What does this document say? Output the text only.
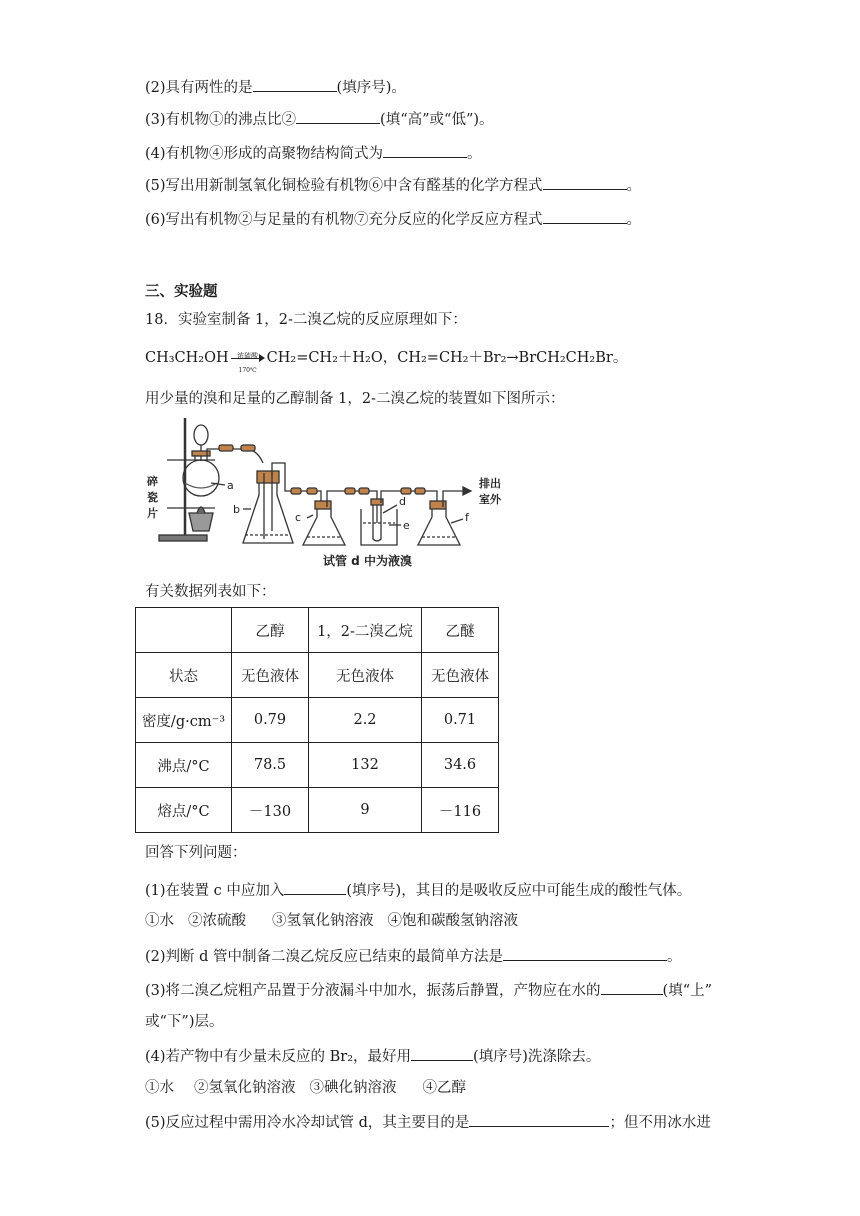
(2)具有两性的是	(填序号)。
(3)有机物①的沸点比②	(填“高”或“低”)。
(4)有机物④形成的高聚物结构简式为	。
(5)写出用新制氢氧化铜检验有机物⑥中含有醛基的化学方程式	。
(6)写出有机物②与足量的有机物⑦充分反应的化学反应方程式	。
三、实验题
18．实验室制备 1，2-二溴乙烷的反应原理如下：
CH₃CH₂OH	浓硫酸
170℃
CH₂=CH₂＋H₂O，CH₂=CH₂＋Br₂→BrCH₂CH₂Br。
用少量的溴和足量的乙醇制备 1，2-二溴乙烷的装置如下图所示：
碎
瓷
片
a
b
c
d
e
f
排出
室外
试管 d 中为液溴
有关数据列表如下：
	乙醇	1，2-二溴乙烷	乙醚
状态	无色液体	无色液体	无色液体
密度/g·cm⁻³	0.79	2.2	0.71
沸点/°C	78.5	132	34.6
熔点/°C	－130	9	－116
回答下列问题：
(1)在装置 c 中应加入	(填序号)，其目的是吸收反应中可能生成的酸性气体。
①水 ②浓硫酸 ③氢氧化钠溶液 ④饱和碳酸氢钠溶液
(2)判断 d 管中制备二溴乙烷反应已结束的最简单方法是	。
(3)将二溴乙烷粗产品置于分液漏斗中加水，振荡后静置，产物应在水的	(填“上”
或“下”)层。
(4)若产物中有少量未反应的 Br₂，最好用	(填序号)洗涤除去。
①水 ②氢氧化钠溶液 ③碘化钠溶液 ④乙醇
(5)反应过程中需用冷水冷却试管 d，其主要目的是	；但不用冰水进
